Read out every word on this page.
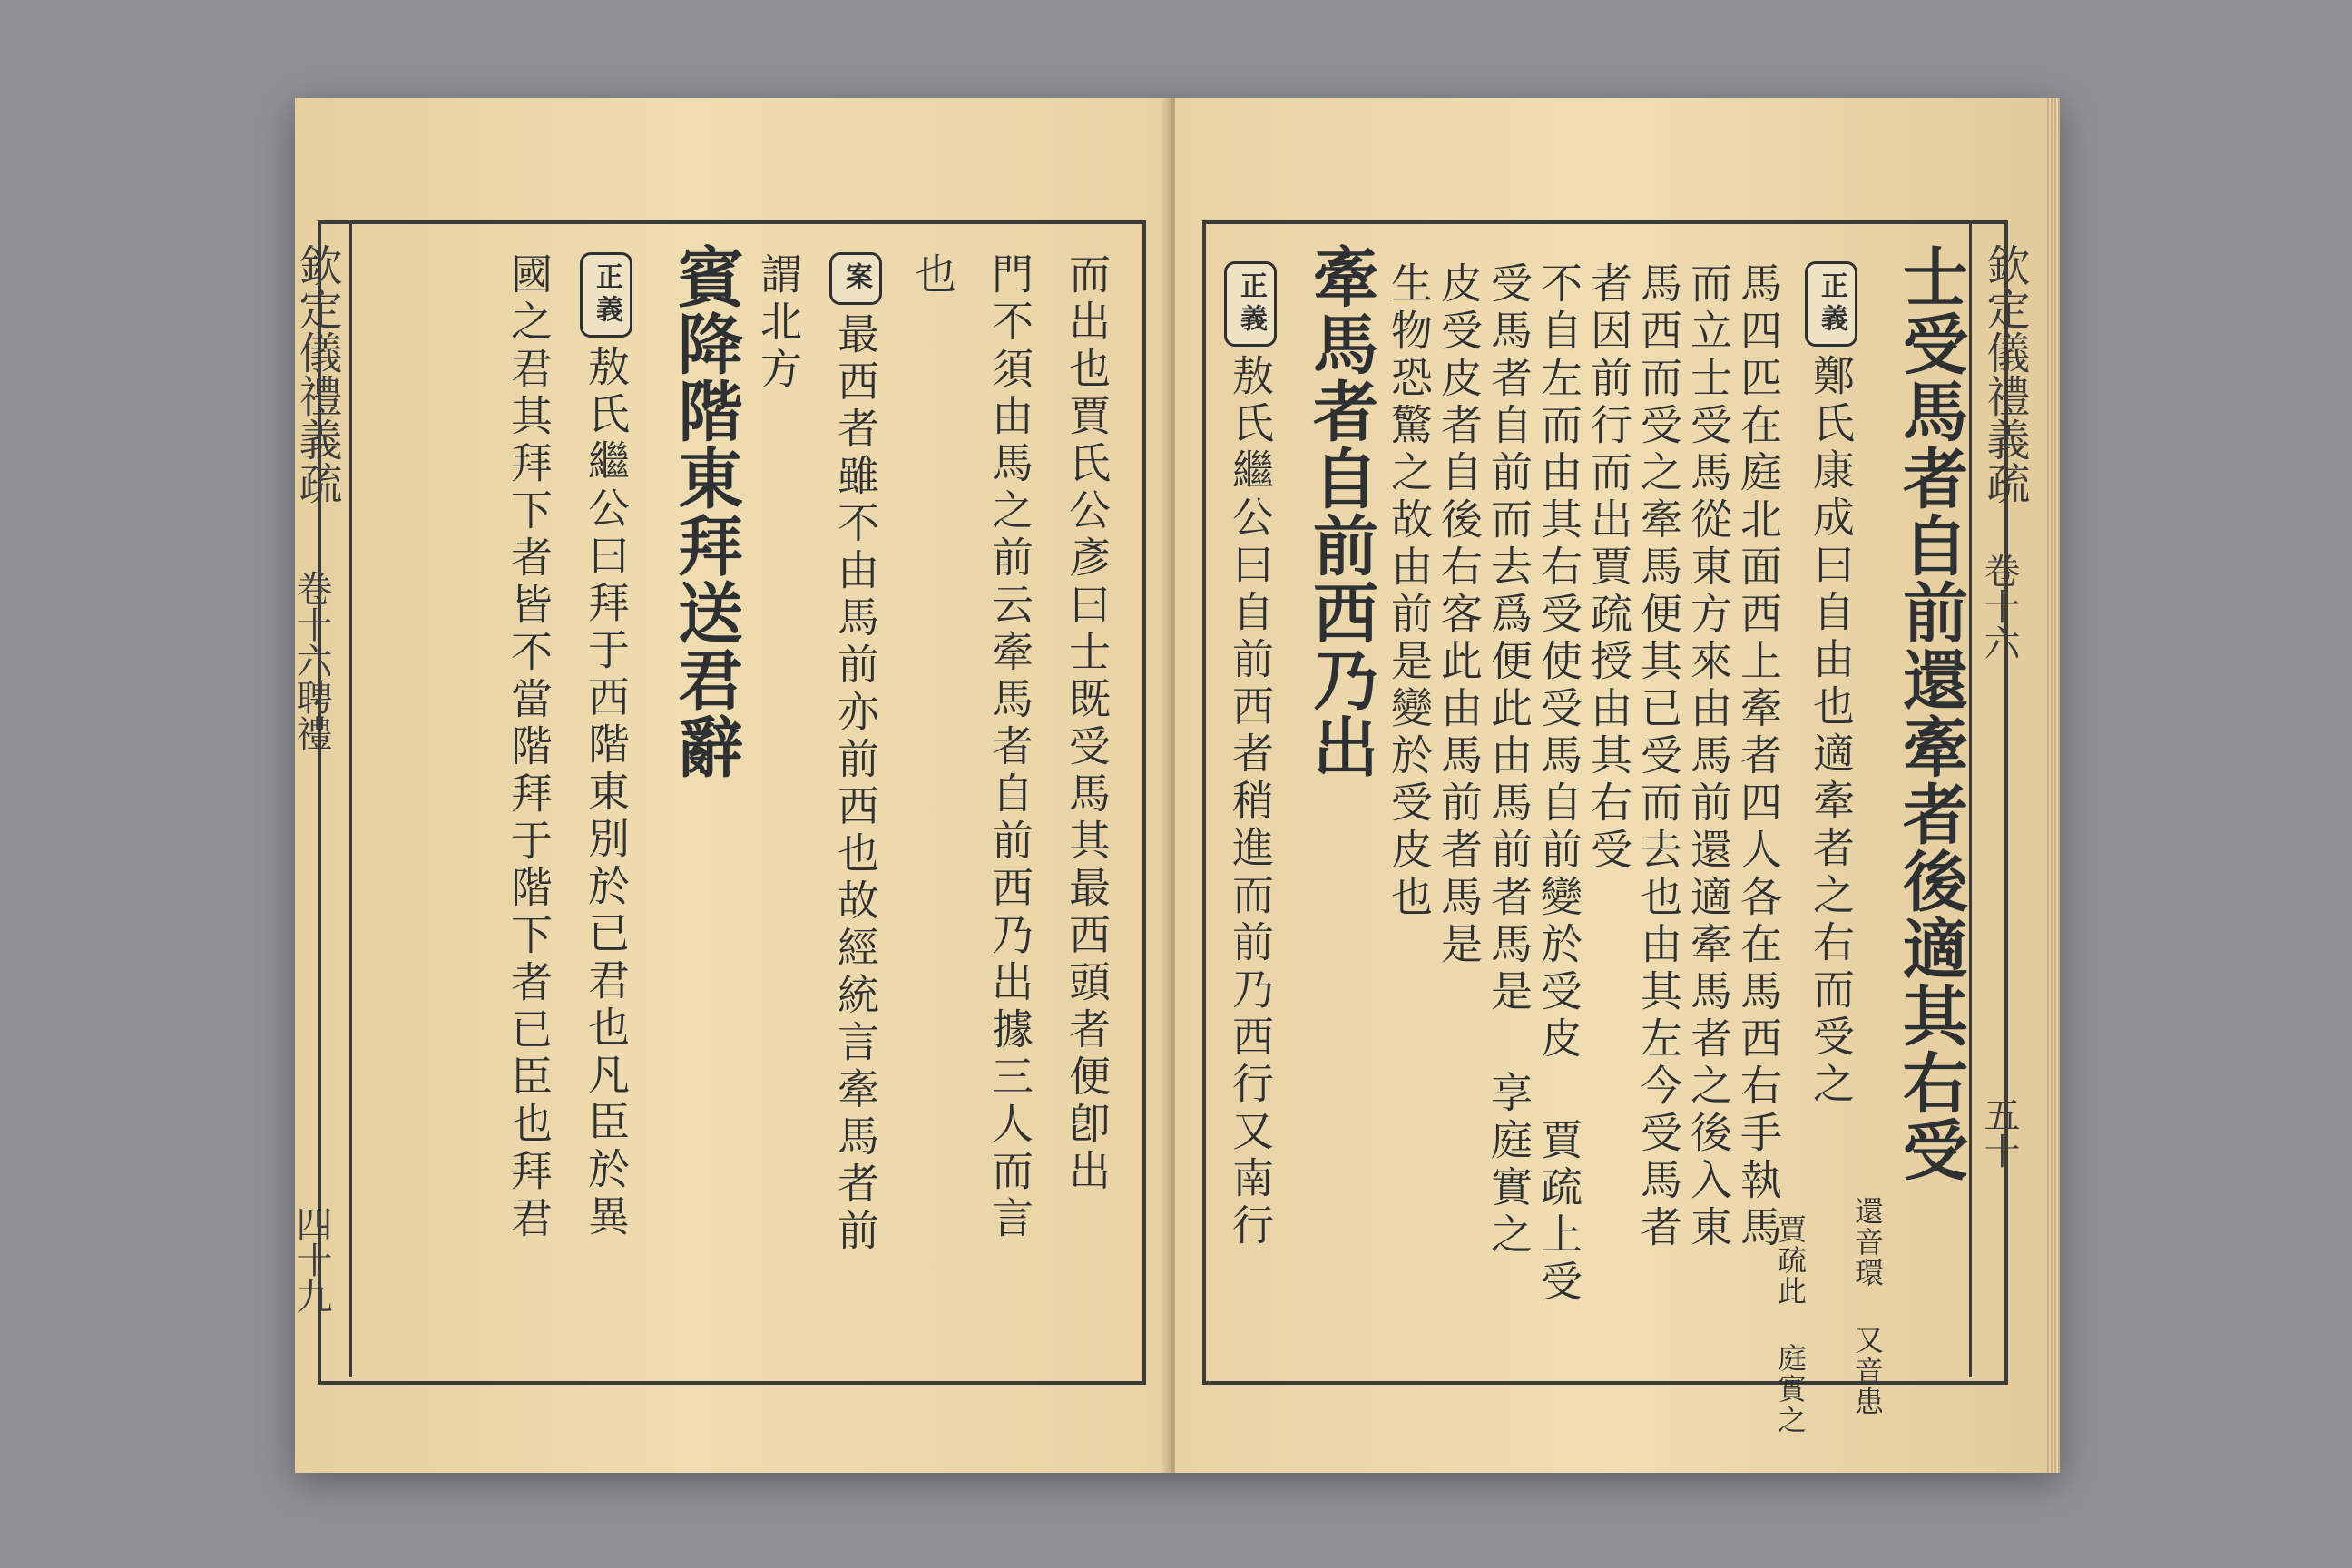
欽定儀禮義疏
卷十六
聘禮
四十九
而出也賈氏公彥曰士既受馬其最西頭者便卽出
門不須由馬之前云牽馬者自前西乃出據三人而言
也
案最西者雖不由馬前亦前西也故經統言牽馬者前
謂北方
賓降階東拜送君辭
正義敖氏繼公曰拜于西階東別於已君也凡臣於異
國之君其拜下者皆不當階拜于階下者已臣也拜君	欽定儀禮義疏
卷十六
五十
士受馬者自前還牽者後適其右受
還音環 又音患
正義鄭氏康成曰自由也適牽者之右而受之
賈疏此 庭實之
馬四匹在庭北面西上牽者四人各在馬西右手執馬
而立士受馬從東方來由馬前還適牽馬者之後入東
馬西而受之牽馬便其已受而去也由其左今受馬者
者因前行而出賈疏授由其右受
不自左而由其右受使受馬自前變於受皮 賈疏上受
受馬者自前而去爲便此由馬前者馬是 享庭實之
皮受皮者自後右客此由馬前者馬是
生物恐驚之故由前是變於受皮也
牽馬者自前西乃出
正義敖氏繼公曰自前西者稍進而前乃西行又南行
